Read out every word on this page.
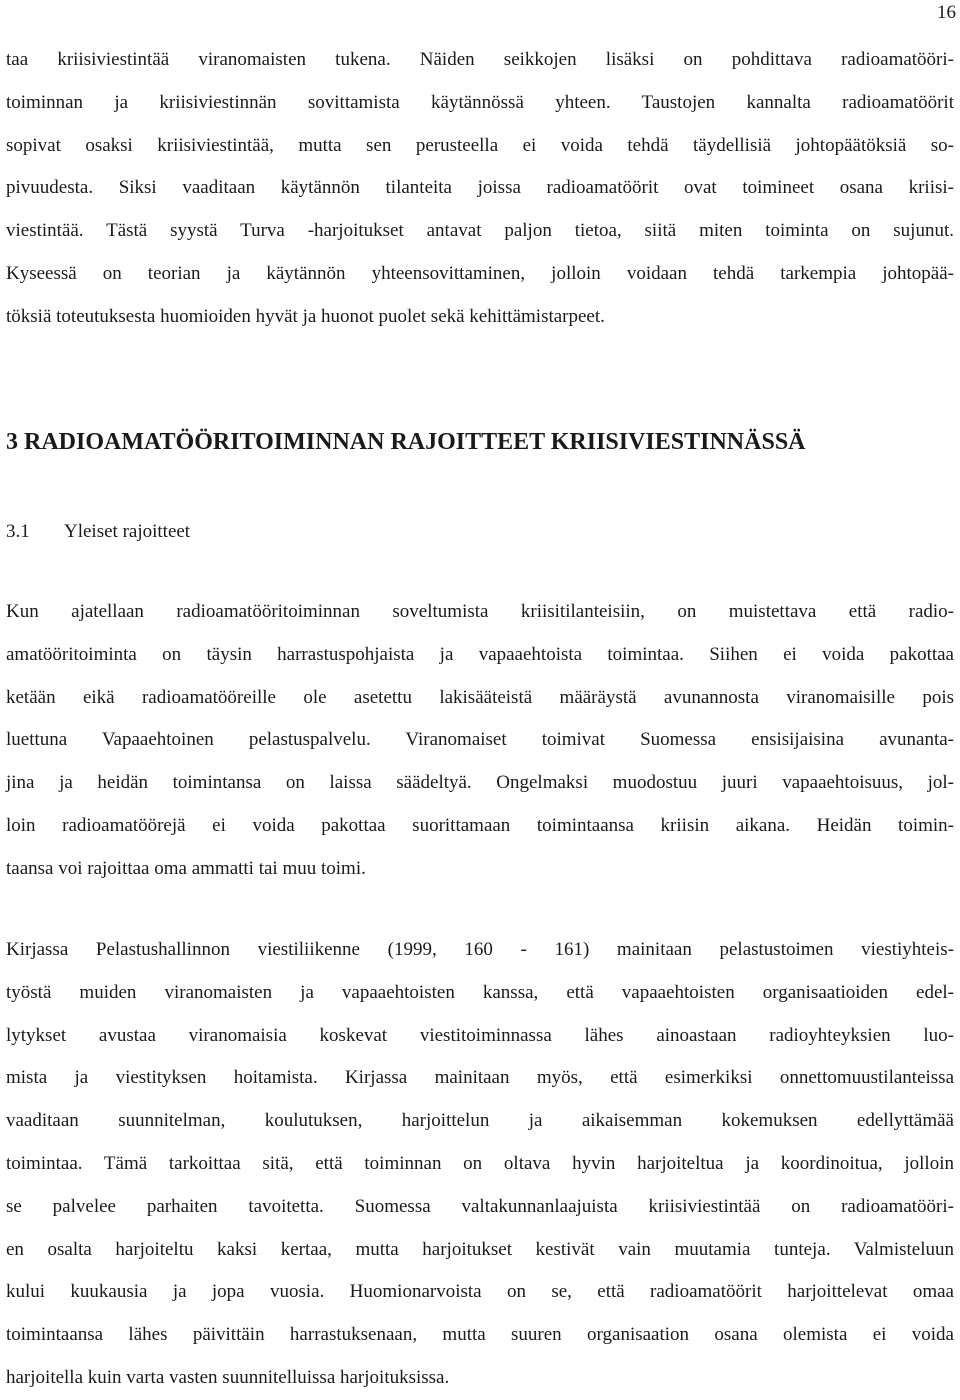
16
taa kriisiviestintää viranomaisten tukena. Näiden seikkojen lisäksi on pohdittava radioamatööri-
toiminnan ja kriisiviestinnän sovittamista käytännössä yhteen. Taustojen kannalta radioamatöörit
sopivat osaksi kriisiviestintää, mutta sen perusteella ei voida tehdä täydellisiä johtopäätöksiä so-
pivuudesta. Siksi vaaditaan käytännön tilanteita joissa radioamatöörit ovat toimineet osana kriisi-
viestintää. Tästä syystä Turva -harjoitukset antavat paljon tietoa, siitä miten toiminta on sujunut.
Kyseessä on teorian ja käytännön yhteensovittaminen, jolloin voidaan tehdä tarkempia johtopää-
töksiä toteutuksesta huomioiden hyvät ja huonot puolet sekä kehittämistarpeet.
3 RADIOAMATÖÖRITOIMINNAN RAJOITTEET KRIISIVIESTINNÄSSÄ
3.1 Yleiset rajoitteet
Kun ajatellaan radioamatööritoiminnan soveltumista kriisitilanteisiin, on muistettava että radio-
amatööritoiminta on täysin harrastuspohjaista ja vapaaehtoista toimintaa. Siihen ei voida pakottaa
ketään eikä radioamatööreille ole asetettu lakisääteistä määräystä avunannosta viranomaisille pois
luettuna Vapaaehtoinen pelastuspalvelu. Viranomaiset toimivat Suomessa ensisijaisina avunanta-
jina ja heidän toimintansa on laissa säädeltyä. Ongelmaksi muodostuu juuri vapaaehtoisuus, jol-
loin radioamatöörejä ei voida pakottaa suorittamaan toimintaansa kriisin aikana. Heidän toimin-
taansa voi rajoittaa oma ammatti tai muu toimi.
Kirjassa Pelastushallinnon viestiliikenne (1999, 160 - 161) mainitaan pelastustoimen viestiyhteis-
työstä muiden viranomaisten ja vapaaehtoisten kanssa, että vapaaehtoisten organisaatioiden edel-
lytykset avustaa viranomaisia koskevat viestitoiminnassa lähes ainoastaan radioyhteyksien luo-
mista ja viestityksen hoitamista. Kirjassa mainitaan myös, että esimerkiksi onnettomuustilanteissa
vaaditaan suunnitelman, koulutuksen, harjoittelun ja aikaisemman kokemuksen edellyttämää
toimintaa. Tämä tarkoittaa sitä, että toiminnan on oltava hyvin harjoiteltua ja koordinoitua, jolloin
se palvelee parhaiten tavoitetta. Suomessa valtakunnanlaajuista kriisiviestintää on radioamatööri-
en osalta harjoiteltu kaksi kertaa, mutta harjoitukset kestivät vain muutamia tunteja. Valmisteluun
kului kuukausia ja jopa vuosia. Huomionarvoista on se, että radioamatöörit harjoittelevat omaa
toimintaansa lähes päivittäin harrastuksenaan, mutta suuren organisaation osana olemista ei voida
harjoitella kuin varta vasten suunnitelluissa harjoituksissa.
